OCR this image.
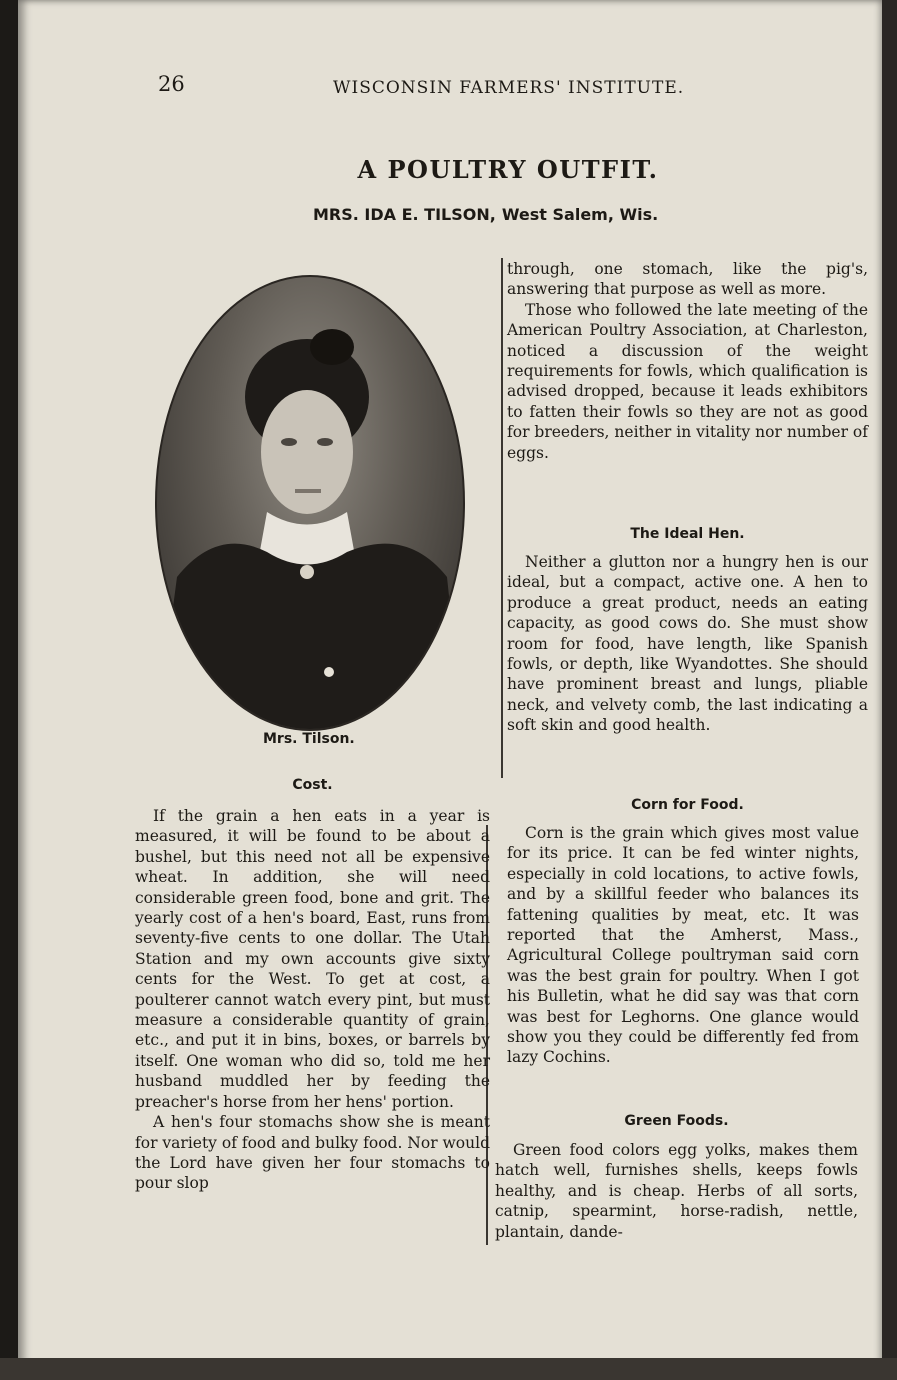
26	WISCONSIN FARMERS' INSTITUTE.
A POULTRY OUTFIT.
MRS. IDA E. TILSON, West Salem, Wis.
Mrs. Tilson.
Cost.

If the grain a hen eats in a year is measured, it will be found to be about a bushel, but this need not all be expensive wheat. In addition, she will need considerable green food, bone and grit. The yearly cost of a hen's board, East, runs from seventy-five cents to one dollar. The Utah Station and my own accounts give sixty cents for the West. To get at cost, a poulterer cannot watch every pint, but must measure a considerable quantity of grain, etc., and put it in bins, boxes, or barrels by itself. One woman who did so, told me her husband muddled her by feeding the preacher's horse from her hens' portion.

A hen's four stomachs show she is meant for variety of food and bulky food. Nor would the Lord have given her four stomachs to pour slop

through, one stomach, like the pig's, answering that purpose as well as more.

Those who followed the late meeting of the American Poultry Association, at Charleston, noticed a discussion of the weight requirements for fowls, which qualification is advised dropped, because it leads exhibitors to fatten their fowls so they are not as good for breeders, neither in vitality nor number of eggs.

The Ideal Hen.

Neither a glutton nor a hungry hen is our ideal, but a compact, active one. A hen to produce a great product, needs an eating capacity, as good cows do. She must show room for food, have length, like Spanish fowls, or depth, like Wyandottes. She should have prominent breast and lungs, pliable neck, and velvety comb, the last indicating a soft skin and good health.

Corn for Food.

Corn is the grain which gives most value for its price. It can be fed winter nights, especially in cold locations, to active fowls, and by a skillful feeder who balances its fattening qualities by meat, etc. It was reported that the Amherst, Mass., Agricultural College poultryman said corn was the best grain for poultry. When I got his Bulletin, what he did say was that corn was best for Leghorns. One glance would show you they could be differently fed from lazy Cochins.

Green Foods.

Green food colors egg yolks, makes them hatch well, furnishes shells, keeps fowls healthy, and is cheap. Herbs of all sorts, catnip, spearmint, horse-radish, nettle, plantain, dande-
